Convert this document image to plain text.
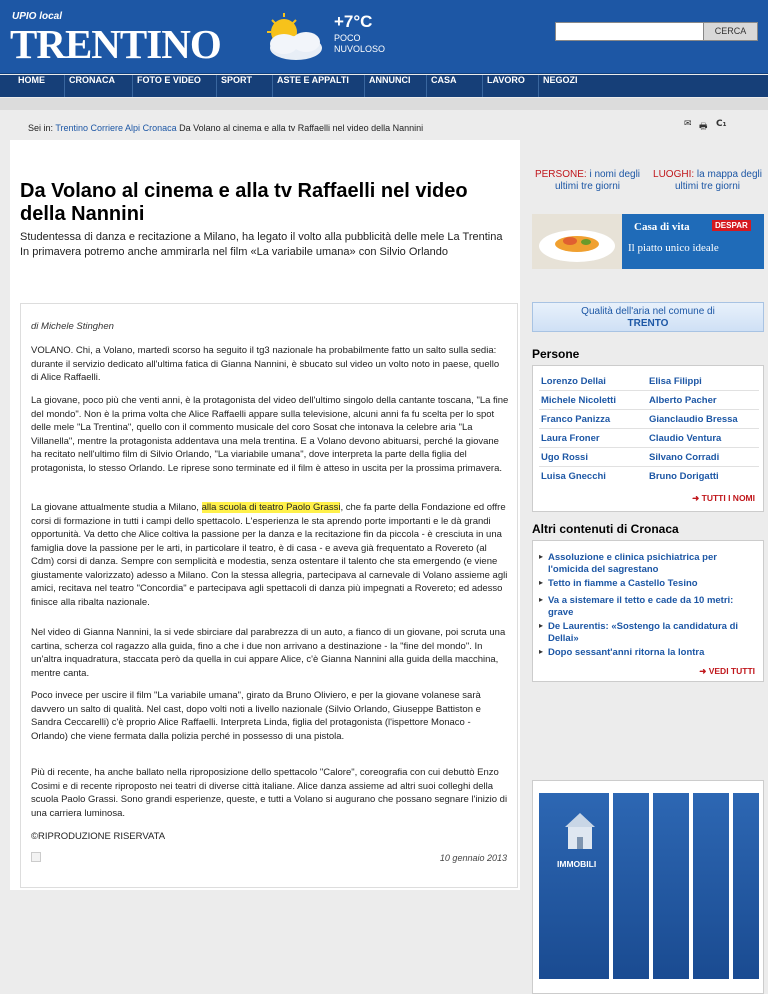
UPIO local
TRENTINO	+7°C
POCO NUVOLOSO
CERCA
HOME	CRONACA	FOTO E VIDEO	SPORT	ASTE E APPALTI	ANNUNCI	CASA	LAVORO	NEGOZI
Sei in: Trentino Corriere Alpi Cronaca Da Volano al cinema e alla tv Raffaelli nel video della Nannini	✉ 🖶 C₁
Da Volano al cinema e alla tv Raffaelli nel video della Nannini

Studentessa di danza e recitazione a Milano, ha legato il volto alla pubblicità delle mele La Trentina In primavera potremo anche ammirarla nel film «La variabile umana» con Silvio Orlando

di Michele Stinghen

VOLANO. Chi, a Volano, martedì scorso ha seguito il tg3 nazionale ha probabilmente fatto un salto sulla sedia: durante il servizio dedicato all'ultima fatica di Gianna Nannini, è sbucato sul video un volto noto in paese, quello di Alice Raffaelli.

La giovane, poco più che venti anni, è la protagonista del video dell'ultimo singolo della cantante toscana, "La fine del mondo". Non è la prima volta che Alice Raffaelli appare sulla televisione, alcuni anni fa fu scelta per lo spot delle mele "La Trentina", quello con il commento musicale del coro Sosat che intonava la celebre aria "La Villanella", mentre la protagonista addentava una mela trentina. E a Volano devono abituarsi, perché la giovane ha recitato nell'ultimo film di Silvio Orlando, "La viariabile umana", dove interpreta la parte della figlia del protagonista, lo stesso Orlando. Le riprese sono terminate ed il film è atteso in uscita per la prossima primavera.

La giovane attualmente studia a Milano, alla scuola di teatro Paolo Grassi, che fa parte della Fondazione ed offre corsi di formazione in tutti i campi dello spettacolo. L'esperienza le sta aprendo porte importanti e le dà grandi opportunità. Va detto che Alice coltiva la passione per la danza e la recitazione fin da piccola - è cresciuta in una famiglia dove la passione per le arti, in particolare il teatro, è di casa - e aveva già frequentato a Rovereto (al Cdm) corsi di danza. Sempre con semplicità e modestia, senza ostentare il talento che sta emergendo (e viene giustamente valorizzato) adesso a Milano. Con la stessa allegria, partecipava al carnevale di Volano assieme agli amici, recitava nel teatro "Concordia" e partecipava agli spettacoli di danza più impegnati a Rovereto; ed adesso finisce alla ribalta nazionale.

Nel video di Gianna Nannini, la si vede sbirciare dal parabrezza di un auto, a fianco di un giovane, poi scruta una cartina, scherza col ragazzo alla guida, fino a che i due non arrivano a destinazione - la "fine del mondo". In un'altra inquadratura, staccata però da quella in cui appare Alice, c'è Gianna Nannini alla guida della macchina, mentre canta.

Poco invece per uscire il film "La variabile umana", girato da Bruno Oliviero, e per la giovane volanese sarà davvero un salto di qualità. Nel cast, dopo volti noti a livello nazionale (Silvio Orlando, Giuseppe Battiston e Sandra Ceccarelli) c'è proprio Alice Raffaelli. Interpreta Linda, figlia del protagonista (l'ispettore Monaco - Orlando) che viene fermata dalla polizia perché in possesso di una pistola.

Più di recente, ha anche ballato nella riproposizione dello spettacolo "Calore", coreografia con cui debuttò Enzo Cosimi e di recente riproposto nei teatri di diverse città italiane. Alice danza assieme ad altri suoi colleghi della scuola Paolo Grassi. Sono grandi esperienze, queste, e tutti a Volano si augurano che possano segnare l'inizio di una carriera luminosa.

©RIPRODUZIONE RISERVATA
10 gennaio 2013
PERSONE: i nomi degli ultimi tre giorni
LUOGHI: la mappa degli ultimi tre giorni
Casa di vita	DESPAR
Il piatto unico ideale
Qualità dell'aria nel comune di
TRENTO
Persone
Lorenzo Dellai	Elisa Filippi
Michele Nicoletti	Alberto Pacher
Franco Panizza	Gianclaudio Bressa
Laura Froner	Claudio Ventura
Ugo Rossi	Silvano Corradi
Luisa Gnecchi	Bruno Dorigatti
➜ TUTTI I NOMI
Altri contenuti di Cronaca
▸ Assoluzione e clinica psichiatrica per l'omicida del sagrestano
▸ Tetto in fiamme a Castello Tesino
▸ Va a sistemare il tetto e cade da 10 metri: grave
▸ De Laurentis: «Sostengo la candidatura di Dellai»
▸ Dopo sessant'anni ritorna la lontra
➜ VEDI TUTTI
IMMOBILI
